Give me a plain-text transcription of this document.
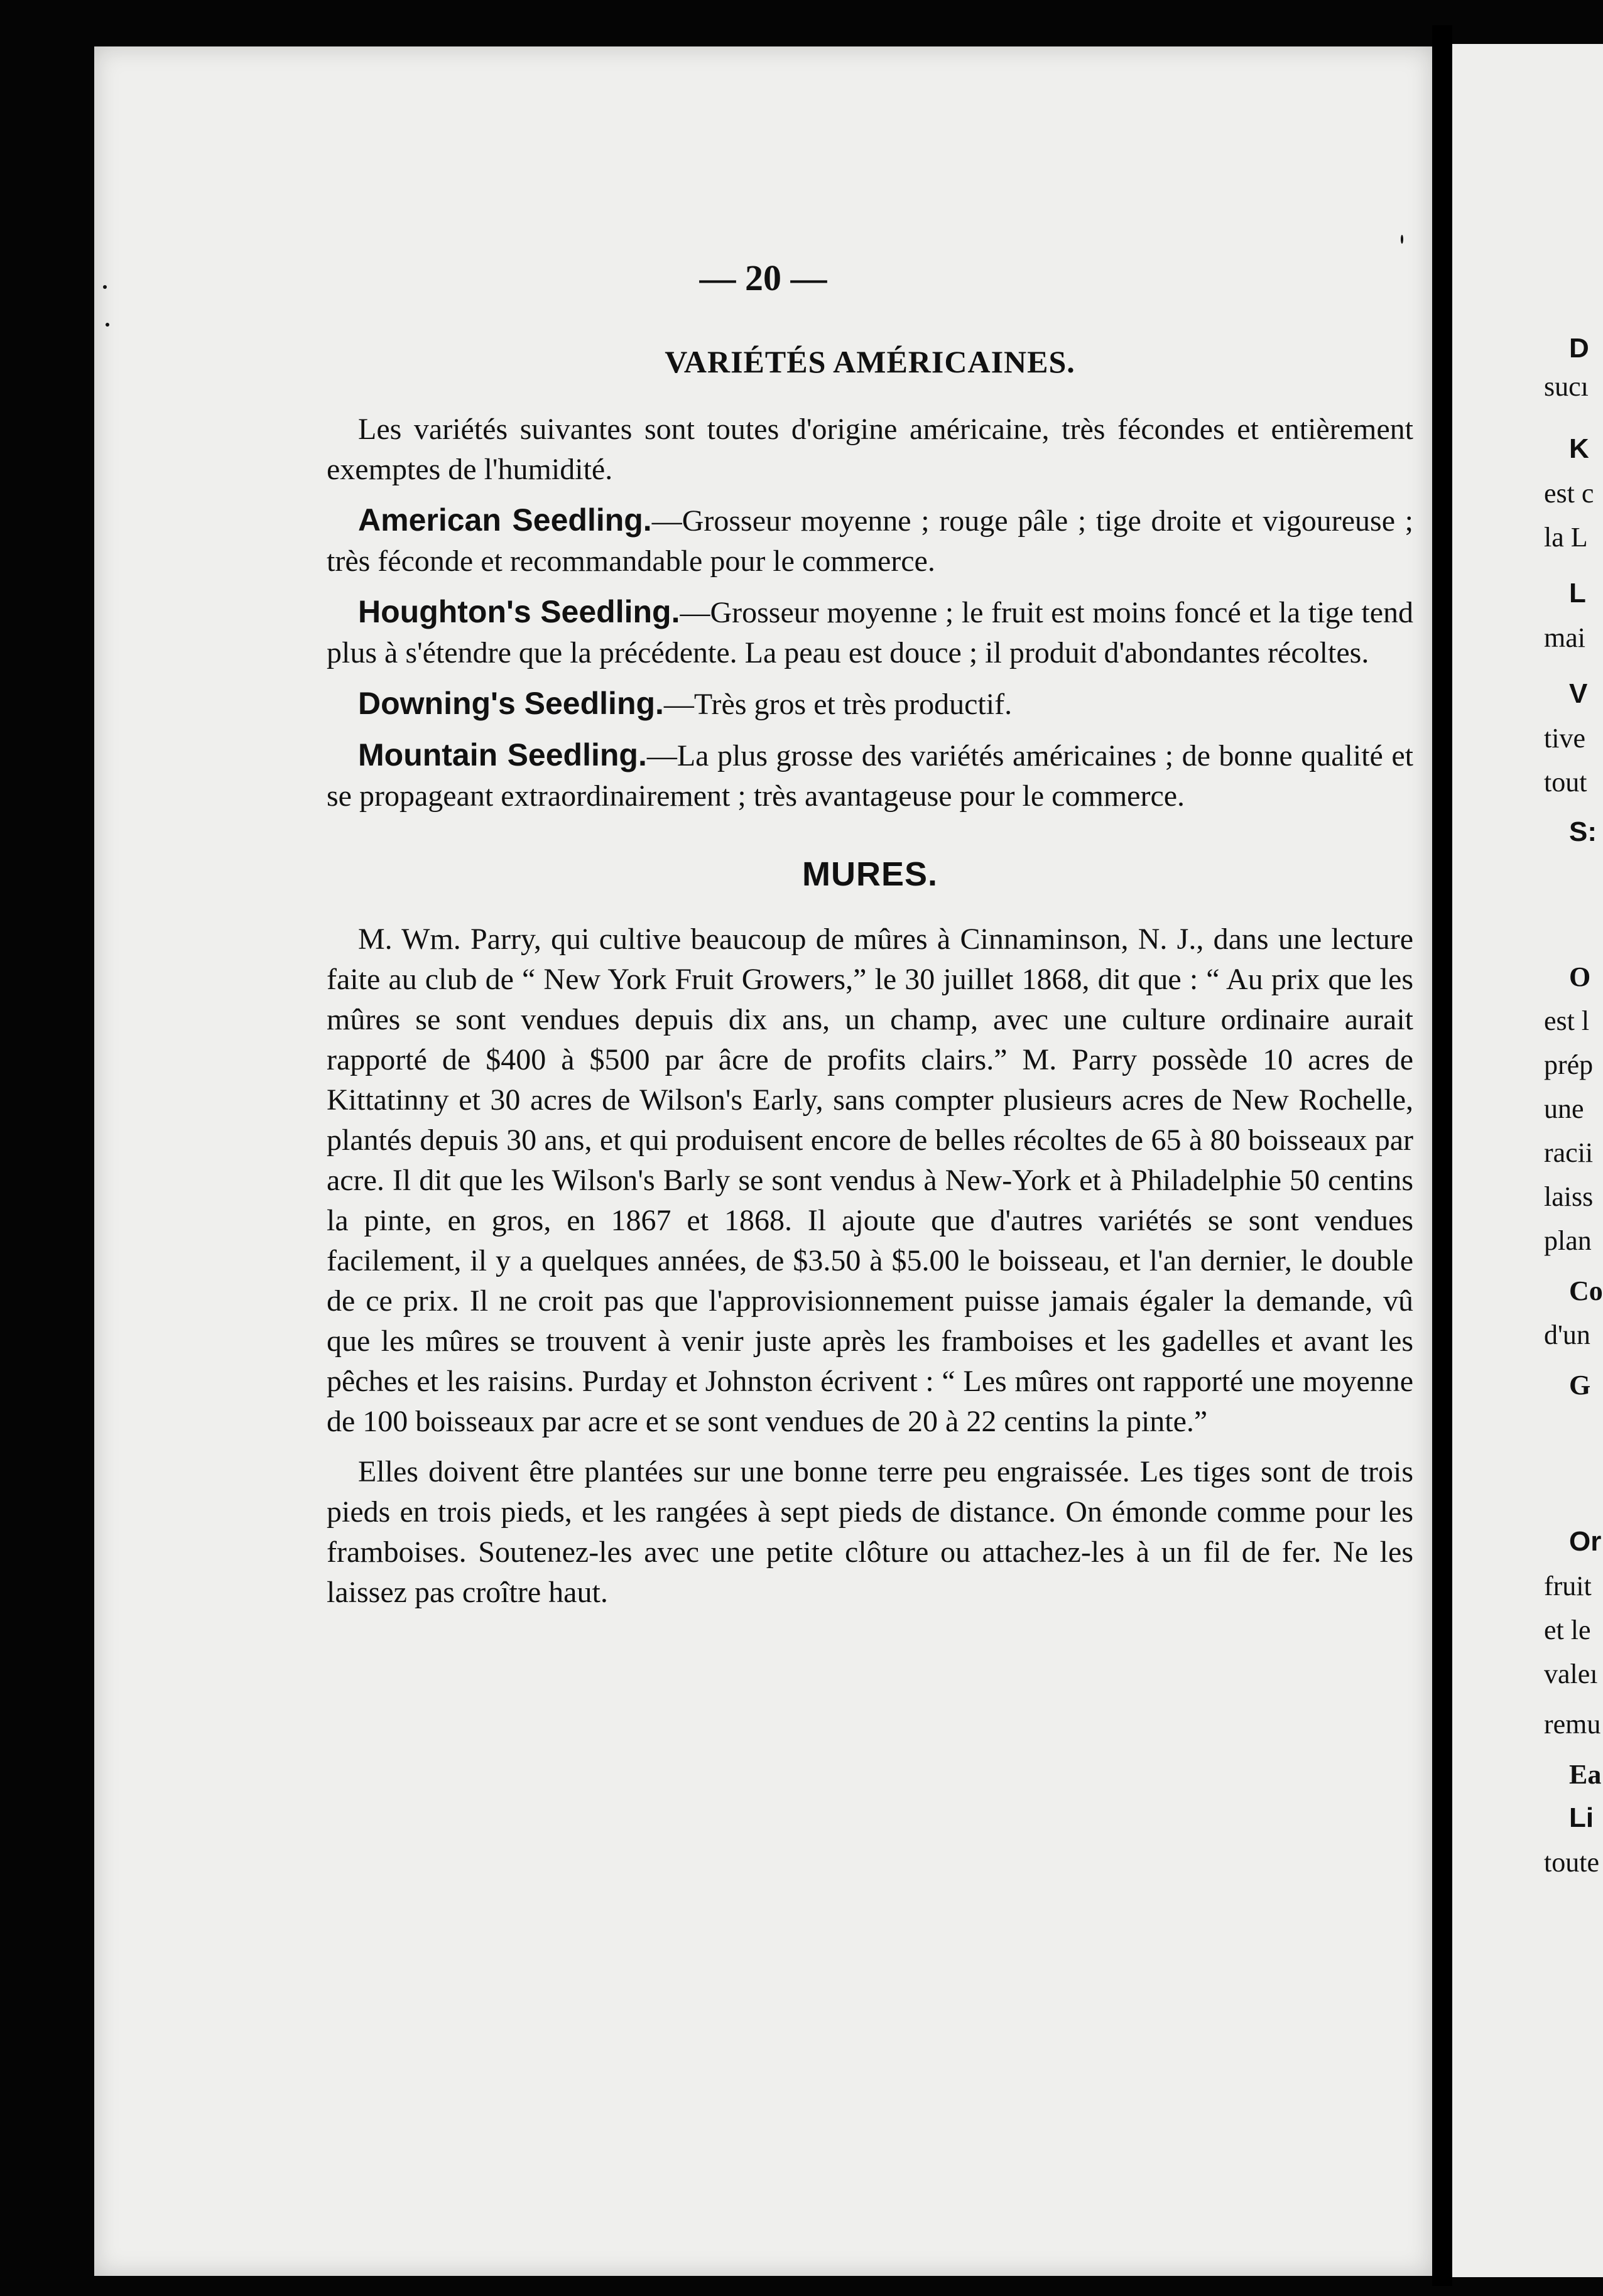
— 20 —
VARIÉTÉS AMÉRICAINES.

Les variétés suivantes sont toutes d'origine américaine, très fécondes et entièrement exemptes de l'humidité.

American Seedling.—Grosseur moyenne ; rouge pâle ; tige droite et vigoureuse ; très féconde et recommandable pour le commerce.

Houghton's Seedling.—Grosseur moyenne ; le fruit est moins foncé et la tige tend plus à s'étendre que la précédente. La peau est douce ; il produit d'abondantes récoltes.

Downing's Seedling.—Très gros et très productif.

Mountain Seedling.—La plus grosse des variétés américaines ; de bonne qualité et se propageant extraordinairement ; très avantageuse pour le commerce.

MURES.

M. Wm. Parry, qui cultive beaucoup de mûres à Cinnaminson, N. J., dans une lecture faite au club de “ New York Fruit Growers,” le 30 juillet 1868, dit que : “ Au prix que les mûres se sont vendues depuis dix ans, un champ, avec une culture ordinaire aurait rapporté de $400 à $500 par âcre de profits clairs.” M. Parry possède 10 acres de Kittatinny et 30 acres de Wilson's Early, sans compter plusieurs acres de New Rochelle, plantés depuis 30 ans, et qui produisent encore de belles récoltes de 65 à 80 boisseaux par acre. Il dit que les Wilson's Barly se sont vendus à New-York et à Philadelphie 50 centins la pinte, en gros, en 1867 et 1868. Il ajoute que d'autres variétés se sont vendues facilement, il y a quelques années, de $3.50 à $5.00 le boisseau, et l'an dernier, le double de ce prix. Il ne croit pas que l'approvisionnement puisse jamais égaler la demande, vû que les mûres se trouvent à venir juste après les framboises et les gadelles et avant les pêches et les raisins. Purday et Johnston écrivent : “ Les mûres ont rapporté une moyenne de 100 boisseaux par acre et se sont vendues de 20 à 22 centins la pinte.”

Elles doivent être plantées sur une bonne terre peu engraissée. Les tiges sont de trois pieds en trois pieds, et les rangées à sept pieds de distance. On émonde comme pour les framboises. Soutenez-les avec une petite clôture ou attachez-les à un fil de fer. Ne les laissez pas croître haut.

D
sucı
K
est c
la L
L
mai
V
tive
tout
S:
O
est l
prép
une
racii
laiss
plan
Co
d'un
G
Or
fruit
et le
valeı
remu
Ea
Li
toute
